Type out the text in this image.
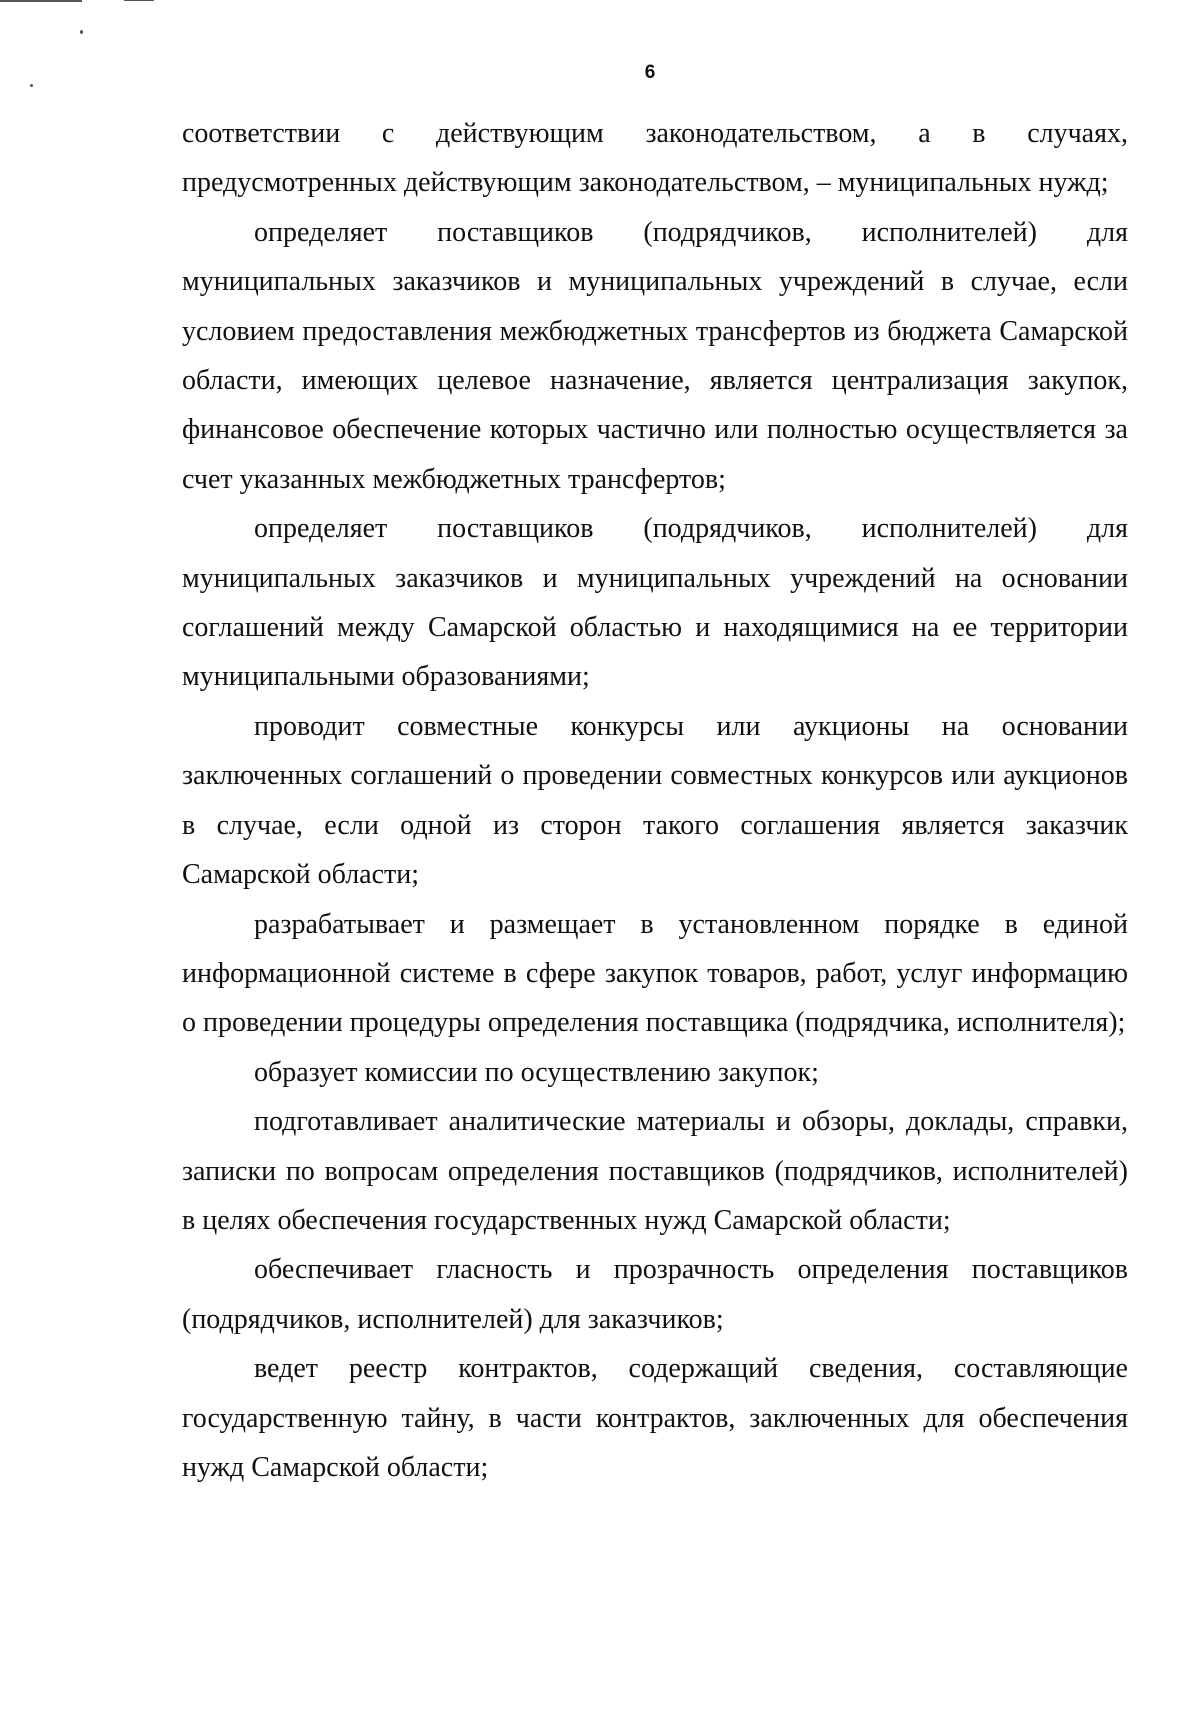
6

соответствии с действующим законодательством, а в случаях, предусмотренных действующим законодательством, – муниципальных нужд;

определяет поставщиков (подрядчиков, исполнителей) для муниципальных заказчиков и муниципальных учреждений в случае, если условием предоставления межбюджетных трансфертов из бюджета Самарской области, имеющих целевое назначение, является централизация закупок, финансовое обеспечение которых частично или полностью осуществляется за счет указанных межбюджетных трансфертов;

определяет поставщиков (подрядчиков, исполнителей) для муниципальных заказчиков и муниципальных учреждений на основании соглашений между Самарской областью и находящимися на ее территории муниципальными образованиями;

проводит совместные конкурсы или аукционы на основании заключенных соглашений о проведении совместных конкурсов или аукционов в случае, если одной из сторон такого соглашения является заказчик Самарской области;

разрабатывает и размещает в установленном порядке в единой информационной системе в сфере закупок товаров, работ, услуг информацию о проведении процедуры определения поставщика (подрядчика, исполнителя);

образует комиссии по осуществлению закупок;

подготавливает аналитические материалы и обзоры, доклады, справки, записки по вопросам определения поставщиков (подрядчиков, исполнителей) в целях обеспечения государственных нужд Самарской области;

обеспечивает гласность и прозрачность определения поставщиков (подрядчиков, исполнителей) для заказчиков;

ведет реестр контрактов, содержащий сведения, составляющие государственную тайну, в части контрактов, заключенных для обеспечения нужд Самарской области;
